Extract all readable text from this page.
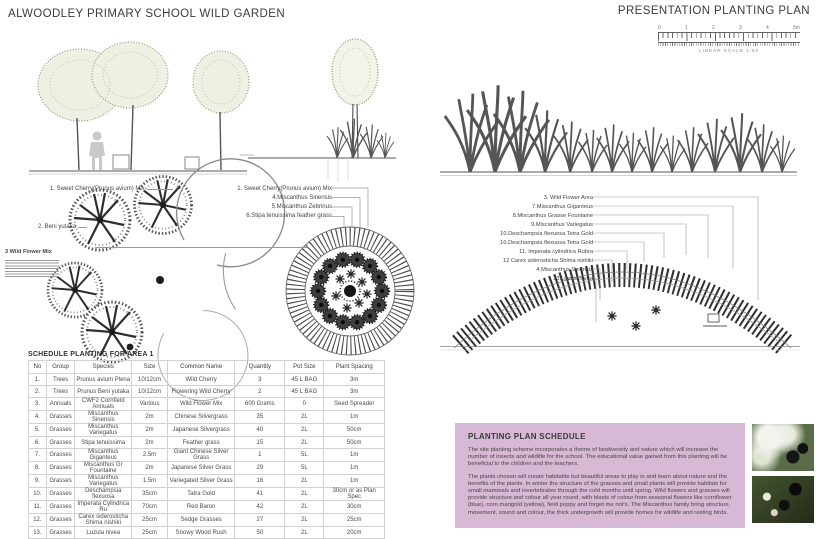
ALWOODLEY PRIMARY SCHOOL WILD GARDEN	PRESENTATION PLANTING PLAN
0	1	2	3	4	5m
LINEAR SCALE 1:50
1. Sweet Cherry(Prunus avium) Mix
2. Beni yutaka
3 Wild Flower Mix
1. Sweet Cherry(Prunus avium) Mix
4.Miscanthus Sinensis
5.Miscanthus Zebrinus
6.Stipa tenuissima feather grass
3. Wild Flower Area
7.Miscanthus Giganteus
8.Miscanthus Grasse Fountaine
9.Miscanthus Variegatus
10.Deschampsia flexuosa Tetra Gold
10.Deschampsia flexuosa Tetra Gold
11. Imperata cylindrica Rubra
12 Carex siderosticha Shima nishiki
4.Miscanthus Sinensis
13.Luzula nivea
SCHEDULE PLANTING FOR AREA 1
No	Group	Species	Size	Common Name	Quantity	Pot Size	Plant Spacing
1.	Trees	Prunus avium Plena	10/12cm	Wild Cherry	3	45 L BAG	3m
2.	Trees	Prunus Beni yutaka	10/12cm	Flowering Wild Cherry	2	45 L BAG	3m
3.	Annuals	CWF2 Cornfield Annuals	Various	Wild Flower Mix	600 Grams	0	Seed Spreader
4.	Grasses	Miscanthus Sinensis	2m	Chinese Silvergrass	35	2L	1m
5.	Grasses	Miscanthus Variegatus	2m	Japanese Silvergrass	40	2L	50cm
6.	Grasses	Stipa tenuissima	2m	Feather grass	15	2L	50cm
7.	Grasses	Miscanthus Giganteus	2.5m	Giant Chinese Silver Grass	1	5L	1m
8.	Grasses	Miscanthus Gr Fountaine	2m	Japanese Silver Grass	29	5L	1m
9.	Grasses	Miscanthus Variegatus	1.5m	Variegated Silver Grass	16	2L	1m
10.	Grasses	Deschampsia flexuosa	35cm	Tatra Gold	41	2L	30cm or as Plan Spec
11.	Grasses	Imperata Cylindrica Ru	70cm	Red Baron	42	2L	30cm
12.	Grasses	Carex siderosticha Shima nishiki	25cm	Sedge Grasses	27	2L	25cm
13.	Grasses	Luzula nivea	25cm	Snowy Wood Rush	50	2L	20cm
PLANTING PLAN SCHEDULE

The site planting scheme incorporates a theme of biodiversity and nature which will increase the number of insects and wildlife for the school. The educational value gained from this planting will be beneficial to the children and the teachers.

The plants chosen will create habitable but beautiful areas to play in and learn about nature and the benefits of the plants. In winter the structure of the grasses and small plants will provide habitats for small mammals and invertebrates through the cold months until spring. Wild flowers and grasses will provide structure and colour all year round, with blasts of colour from seasonal flowers like cornflower (blue), corn marigold (yellow), field poppy and forget me not's. The Miscanthus family bring structure, movement, sound and colour, the thick undergrowth will provide homes for wildlife and resting birds.
